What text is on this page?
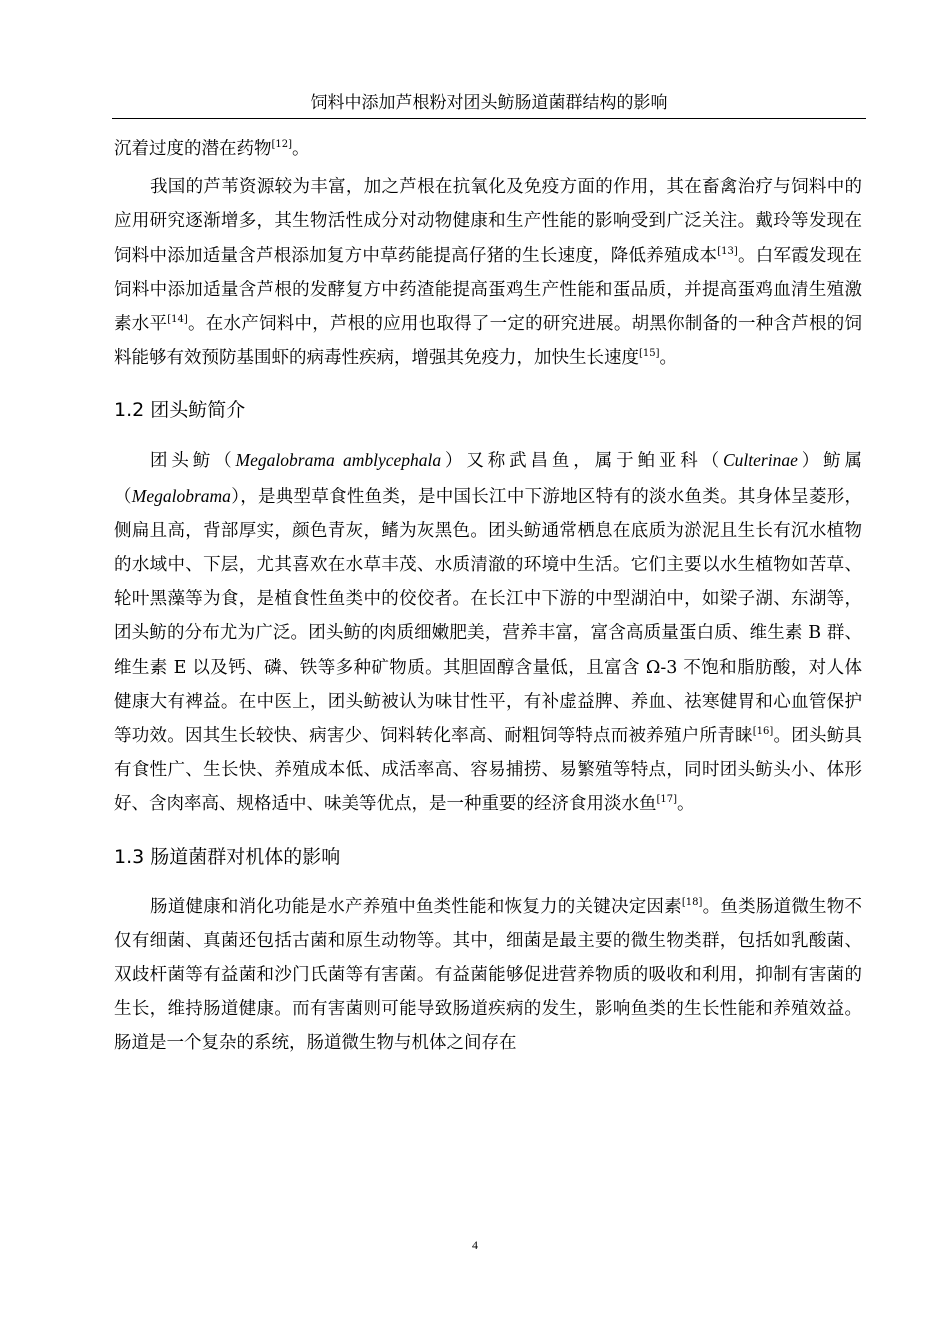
饲料中添加芦根粉对团头鲂肠道菌群结构的影响

沉着过度的潜在药物[12]。

我国的芦苇资源较为丰富，加之芦根在抗氧化及免疫方面的作用，其在畜禽治疗与饲料中的应用研究逐渐增多，其生物活性成分对动物健康和生产性能的影响受到广泛关注。戴玲等发现在饲料中添加适量含芦根添加复方中草药能提高仔猪的生长速度，降低养殖成本[13]。白军霞发现在饲料中添加适量含芦根的发酵复方中药渣能提高蛋鸡生产性能和蛋品质，并提高蛋鸡血清生殖激素水平[14]。在水产饲料中，芦根的应用也取得了一定的研究进展。胡黑你制备的一种含芦根的饲料能够有效预防基围虾的病毒性疾病，增强其免疫力，加快生长速度[15]。

1.2 团头鲂简介

团头鲂（Megalobrama amblycephala）又称武昌鱼，属于鲌亚科（Culterinae）鲂属（Megalobrama），是典型草食性鱼类，是中国长江中下游地区特有的淡水鱼类。其身体呈菱形，侧扁且高，背部厚实，颜色青灰，鳍为灰黑色。团头鲂通常栖息在底质为淤泥且生长有沉水植物的水域中、下层，尤其喜欢在水草丰茂、水质清澈的环境中生活。它们主要以水生植物如苦草、轮叶黑藻等为食，是植食性鱼类中的佼佼者。在长江中下游的中型湖泊中，如梁子湖、东湖等，团头鲂的分布尤为广泛。团头鲂的肉质细嫩肥美，营养丰富，富含高质量蛋白质、维生素 B 群、维生素 E 以及钙、磷、铁等多种矿物质。其胆固醇含量低，且富含 Ω-3 不饱和脂肪酸，对人体健康大有裨益。在中医上，团头鲂被认为味甘性平，有补虚益脾、养血、祛寒健胃和心血管保护等功效。因其生长较快、病害少、饲料转化率高、耐粗饲等特点而被养殖户所青睐[16]。团头鲂具有食性广、生长快、养殖成本低、成活率高、容易捕捞、易繁殖等特点，同时团头鲂头小、体形好、含肉率高、规格适中、味美等优点，是一种重要的经济食用淡水鱼[17]。

1.3 肠道菌群对机体的影响

肠道健康和消化功能是水产养殖中鱼类性能和恢复力的关键决定因素[18]。鱼类肠道微生物不仅有细菌、真菌还包括古菌和原生动物等。其中，细菌是最主要的微生物类群，包括如乳酸菌、双歧杆菌等有益菌和沙门氏菌等有害菌。有益菌能够促进营养物质的吸收和利用，抑制有害菌的生长，维持肠道健康。而有害菌则可能导致肠道疾病的发生，影响鱼类的生长性能和养殖效益。肠道是一个复杂的系统，肠道微生物与机体之间存在

4
